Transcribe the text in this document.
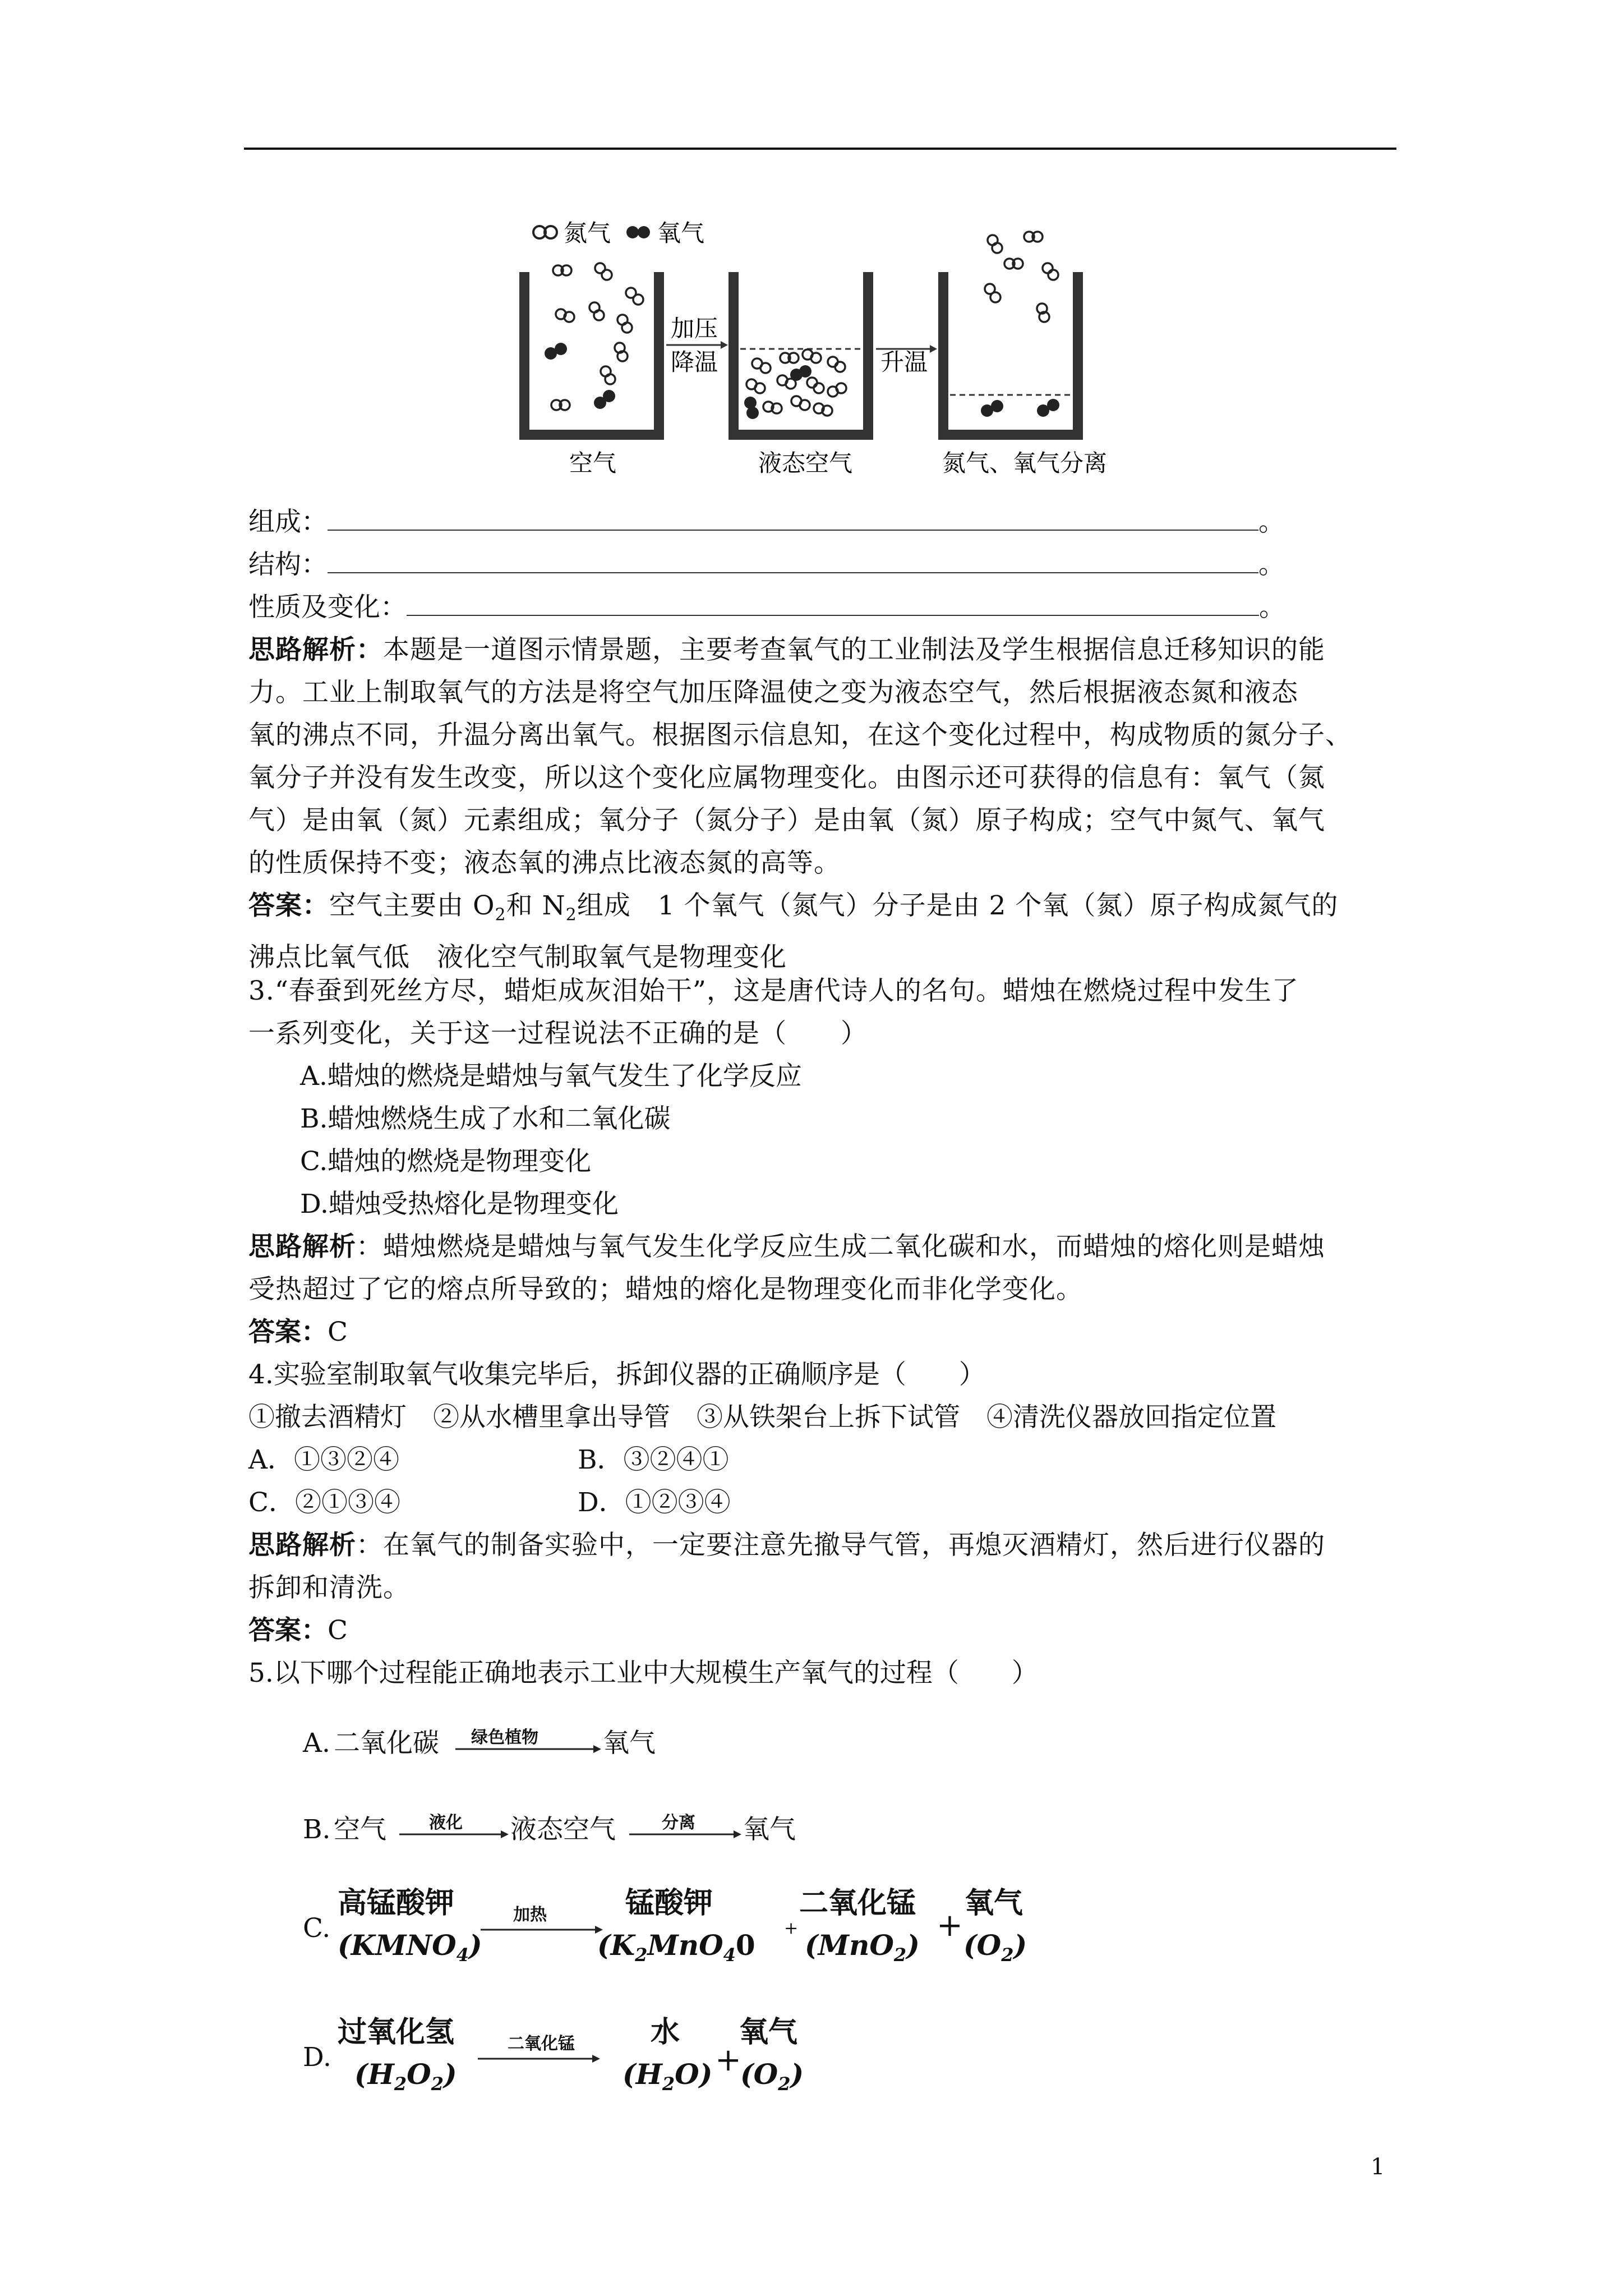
氮气 氧气
加压
降温	升温
空气	液态空气	氮气、氧气分离
组成：	。
结构：	。
性质及变化：	。
思路解析：本题是一道图示情景题，主要考查氧气的工业制法及学生根据信息迁移知识的能
力。工业上制取氧气的方法是将空气加压降温使之变为液态空气，然后根据液态氮和液态
氧的沸点不同，升温分离出氧气。根据图示信息知，在这个变化过程中，构成物质的氮分子、
氧分子并没有发生改变，所以这个变化应属物理变化。由图示还可获得的信息有：氧气（氮
气）是由氧（氮）元素组成；氧分子（氮分子）是由氧（氮）原子构成；空气中氮气、氧气
的性质保持不变；液态氧的沸点比液态氮的高等。
答案：空气主要由 $O_2$和 $N_2$组成　1 个氧气（氮气）分子是由 2 个氧（氮）原子构成氮气的
沸点比氧气低　液化空气制取氧气是物理变化
3.“春蚕到死丝方尽，蜡炬成灰泪始干”，这是唐代诗人的名句。蜡烛在燃烧过程中发生了
一系列变化，关于这一过程说法不正确的是（　　）
A.蜡烛的燃烧是蜡烛与氧气发生了化学反应
B.蜡烛燃烧生成了水和二氧化碳
C.蜡烛的燃烧是物理变化
D.蜡烛受热熔化是物理变化
思路解析：蜡烛燃烧是蜡烛与氧气发生化学反应生成二氧化碳和水，而蜡烛的熔化则是蜡烛
受热超过了它的熔点所导致的；蜡烛的熔化是物理变化而非化学变化。
答案：C
4.实验室制取氧气收集完毕后，拆卸仪器的正确顺序是（　　）
①撤去酒精灯　②从水槽里拿出导管　③从铁架台上拆下试管　④清洗仪器放回指定位置
A．①③②④	B．③②④①
C．②①③④	D．①②③④
思路解析：在氧气的制备实验中，一定要注意先撤导气管，再熄灭酒精灯，然后进行仪器的
拆卸和清洗。
答案：C
5.以下哪个过程能正确地表示工业中大规模生产氧气的过程（　　）
A. 二氧化碳 绿色植物 氧气
B. 空气	液化 液态空气	分离 氧气
C.
高锰酸钾
$(KMNO_4)$
加热	锰酸钾
($K_2MnO_40$
+
二氧化锰
(MnO$_2$)
+
氧气
$(O_2)$
D.
过氧化氢
$(H_2O_2)$
二氧化锰	水
$(H_2O)$ +
氧气
$(O_2)$
1
